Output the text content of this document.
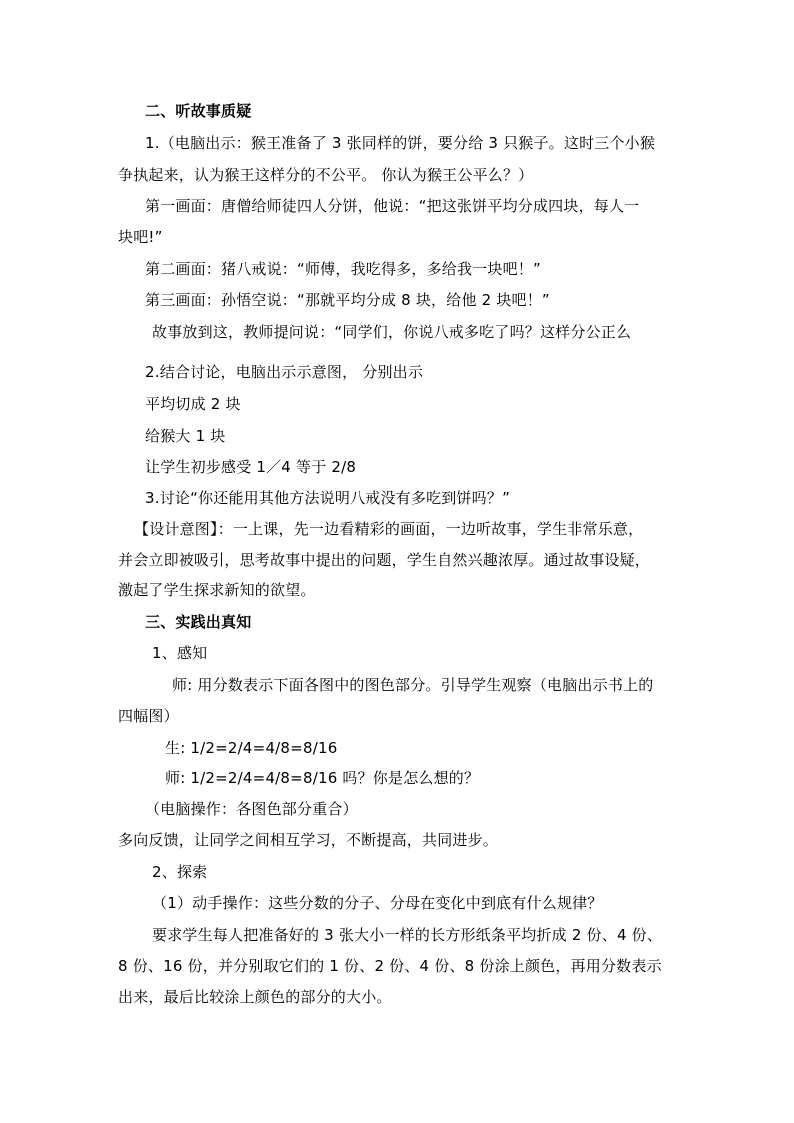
二、听故事质疑
1.（电脑出示：猴王准备了 3 张同样的饼，要分给 3 只猴子。这时三个小猴
争执起来，认为猴王这样分的不公平。 你认为猴王公平么？）
第一画面：唐僧给师徒四人分饼，他说：“把这张饼平均分成四块，每人一
块吧!”
第二画面：猪八戒说：“师傅，我吃得多，多给我一块吧！”
第三画面：孙悟空说：“那就平均分成 8 块，给他 2 块吧！”
故事放到这，教师提问说：“同学们，你说八戒多吃了吗？这样分公正么
2.结合讨论，电脑出示示意图， 分别出示
平均切成 2 块
给猴大 1 块
让学生初步感受 1／4 等于 2/8
3.讨论“你还能用其他方法说明八戒没有多吃到饼吗？”
【设计意图】：一上课，先一边看精彩的画面，一边听故事，学生非常乐意，
并会立即被吸引，思考故事中提出的问题，学生自然兴趣浓厚。通过故事设疑，
激起了学生探求新知的欲望。
三、实践出真知
1、感知
师: 用分数表示下面各图中的图色部分。引导学生观察（电脑出示书上的
四幅图）
生: 1/2=2/4=4/8=8/16
师: 1/2=2/4=4/8=8/16 吗？你是怎么想的？
（电脑操作：各图色部分重合）
多向反馈，让同学之间相互学习，不断提高，共同进步。
2、探索
（1）动手操作：这些分数的分子、分母在变化中到底有什么规律？
要求学生每人把准备好的 3 张大小一样的长方形纸条平均折成 2 份、4 份、
8 份、16 份，并分别取它们的 1 份、2 份、4 份、8 份涂上颜色，再用分数表示
出来，最后比较涂上颜色的部分的大小。
